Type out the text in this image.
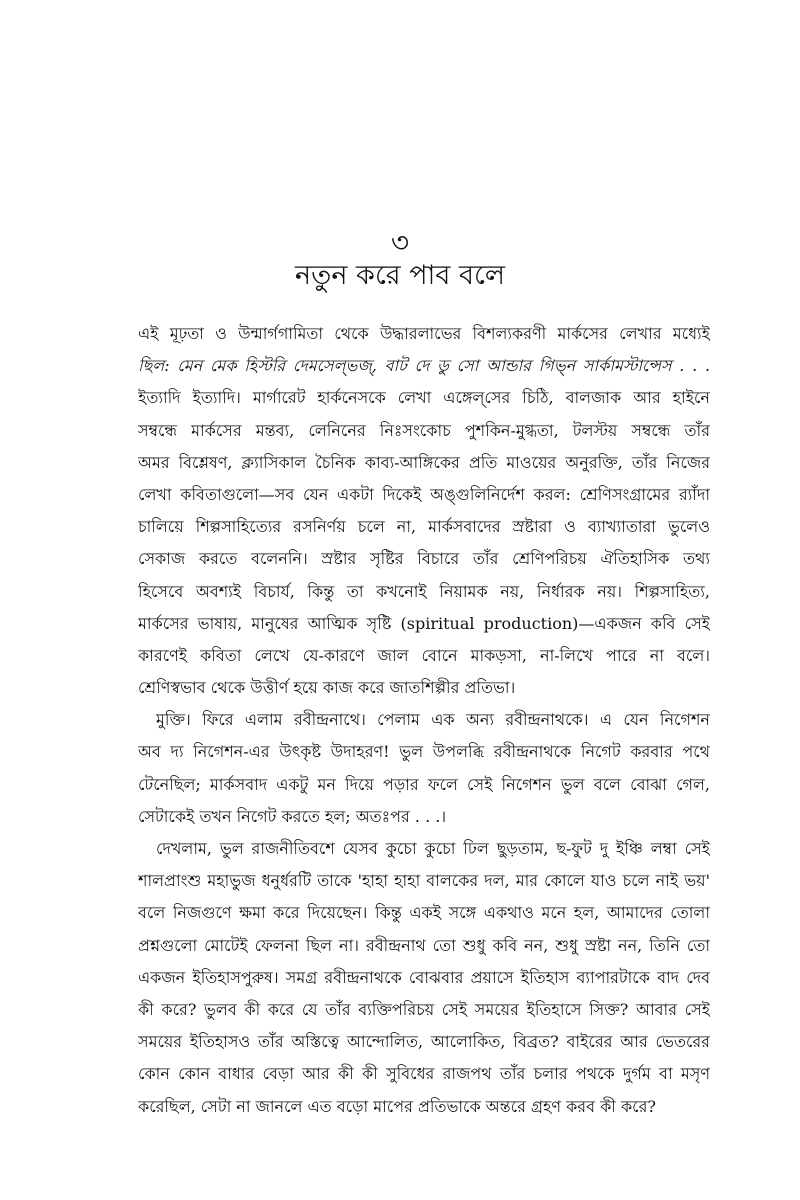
৩
নতুন করে পাব বলে
এই মূঢ়তা ও উন্মার্গগামিতা থেকে উদ্ধারলাভের বিশল্যকরণী মার্কসের লেখার মধ্যেই
ছিল: মেন মেক হিস্টরি দেমসেল্‌ভজ্‌, বাট দে ডু সো আন্ডার গিভ্‌ন সার্কামস্টান্সেস . . .
ইত্যাদি ইত্যাদি। মার্গারেট হার্কনেসকে লেখা এঙ্গেল্‌সের চিঠি, বালজাক আর হাইনে
সম্বন্ধে মার্কসের মন্তব্য, লেনিনের নিঃসংকোচ পুশকিন-মুগ্ধতা, টলস্টয় সম্বন্ধে তাঁর
অমর বিশ্লেষণ, ক্ল্যাসিকাল চৈনিক কাব্য-আঙ্গিকের প্রতি মাওয়ের অনুরক্তি, তাঁর নিজের
লেখা কবিতাগুলো—সব যেন একটা দিকেই অঙ্গুলিনির্দেশ করল: শ্রেণিসংগ্রামের র‍্যাঁদা
চালিয়ে শিল্পসাহিত্যের রসনির্ণয় চলে না, মার্কসবাদের স্রষ্টারা ও ব্যাখ্যাতারা ভুলেও
সেকাজ করতে বলেননি। স্রষ্টার সৃষ্টির বিচারে তাঁর শ্রেণিপরিচয় ঐতিহাসিক তথ্য
হিসেবে অবশ্যই বিচার্য, কিন্তু তা কখনোই নিয়ামক নয়, নির্ধারক নয়। শিল্পসাহিত্য,
মার্কসের ভাষায়, মানুষের আত্মিক সৃষ্টি (spiritual production)—একজন কবি সেই
কারণেই কবিতা লেখে যে-কারণে জাল বোনে মাকড়সা, না-লিখে পারে না বলে।
শ্রেণিস্বভাব থেকে উত্তীর্ণ হয়ে কাজ করে জাতশিল্পীর প্রতিভা।
মুক্তি। ফিরে এলাম রবীন্দ্রনাথে। পেলাম এক অন্য রবীন্দ্রনাথকে। এ যেন নিগেশন
অব দ্য নিগেশন-এর উৎকৃষ্ট উদাহরণ! ভুল উপলব্ধি রবীন্দ্রনাথকে নিগেট করবার পথে
টেনেছিল; মার্কসবাদ একটু মন দিয়ে পড়ার ফলে সেই নিগেশন ভুল বলে বোঝা গেল,
সেটাকেই তখন নিগেট করতে হল; অতঃপর . . .।
দেখলাম, ভুল রাজনীতিবশে যেসব কুচো কুচো ঢিল ছুড়তাম, ছ-ফুট দু ইঞ্চি লম্বা সেই
শালপ্রাংশু মহাভুজ ধনুর্ধরটি তাকে 'হাহা হাহা বালকের দল, মার কোলে যাও চলে নাই ভয়'
বলে নিজগুণে ক্ষমা করে দিয়েছেন। কিন্তু একই সঙ্গে একথাও মনে হল, আমাদের তোলা
প্রশ্নগুলো মোটেই ফেলনা ছিল না। রবীন্দ্রনাথ তো শুধু কবি নন, শুধু স্রষ্টা নন, তিনি তো
একজন ইতিহাসপুরুষ। সমগ্র রবীন্দ্রনাথকে বোঝবার প্রয়াসে ইতিহাস ব্যাপারটাকে বাদ দেব
কী করে? ভুলব কী করে যে তাঁর ব্যক্তিপরিচয় সেই সময়ের ইতিহাসে সিক্ত? আবার সেই
সময়ের ইতিহাসও তাঁর অস্তিত্বে আন্দোলিত, আলোকিত, বিব্রত? বাইরের আর ভেতরের
কোন কোন বাধার বেড়া আর কী কী সুবিধের রাজপথ তাঁর চলার পথকে দুর্গম বা মসৃণ
করেছিল, সেটা না জানলে এত বড়ো মাপের প্রতিভাকে অন্তরে গ্রহণ করব কী করে?
